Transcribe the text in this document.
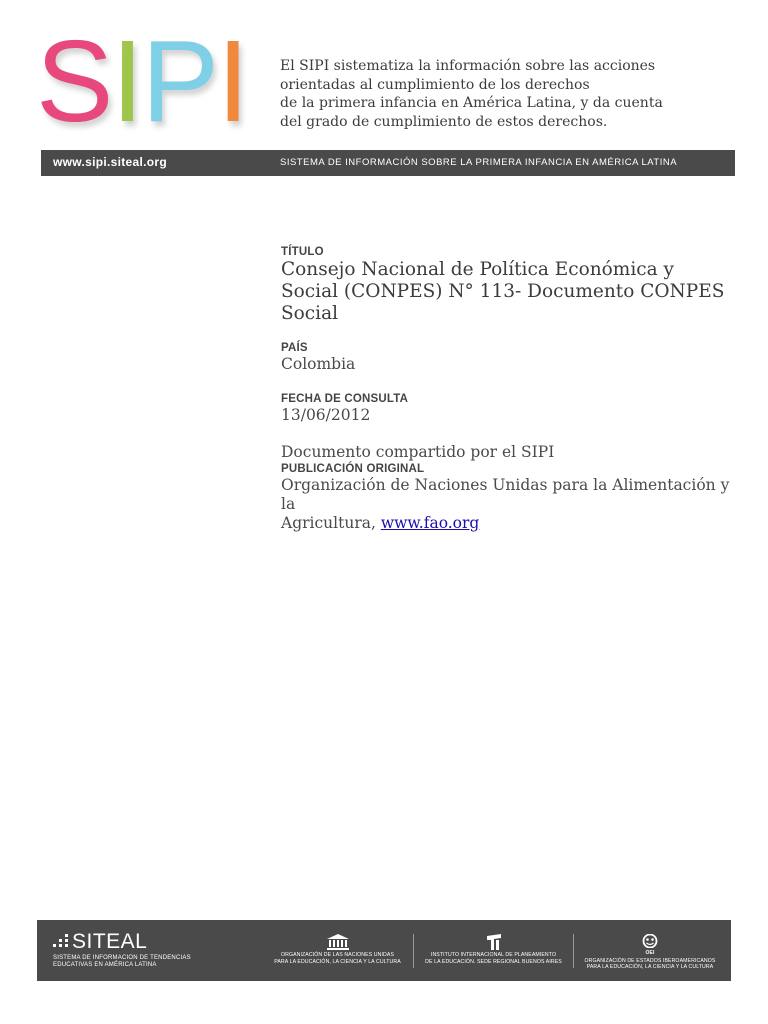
SIPI El SIPI sistematiza la información sobre las acciones
orientadas al cumplimiento de los derechos
de la primera infancia en América Latina, y da cuenta
del grado de cumplimiento de estos derechos.
www.sipi.siteal.org	SISTEMA DE INFORMACIÓN SOBRE LA PRIMERA INFANCIA EN AMÉRICA LATINA
TÍTULO
Consejo Nacional de Política Económica y
Social (CONPES) N° 113- Documento CONPES
Social
PAÍS
Colombia
FECHA DE CONSULTA
13/06/2012
Documento compartido por el SIPI
PUBLICACIÓN ORIGINAL
Organización de Naciones Unidas para la Alimentación y la
Agricultura, www.fao.org
SITEAL
SISTEMA DE INFORMACION DE TENDENCIAS
EDUCATIVAS EN AMÉRICA LATINA
ORGANIZACIÓN DE LAS NACIONES UNIDAS
PARA LA EDUCACIÓN, LA CIENCIA Y LA CULTURA
INSTITUTO INTERNACIONAL DE PLANEAMIENTO
DE LA EDUCACIÓN. SEDE REGIONAL BUENOS AIRES
OEI
ORGANIZACIÓN DE ESTADOS IBEROAMERICANOS
PARA LA EDUCACIÓN, LA CIENCIA Y LA CULTURA
